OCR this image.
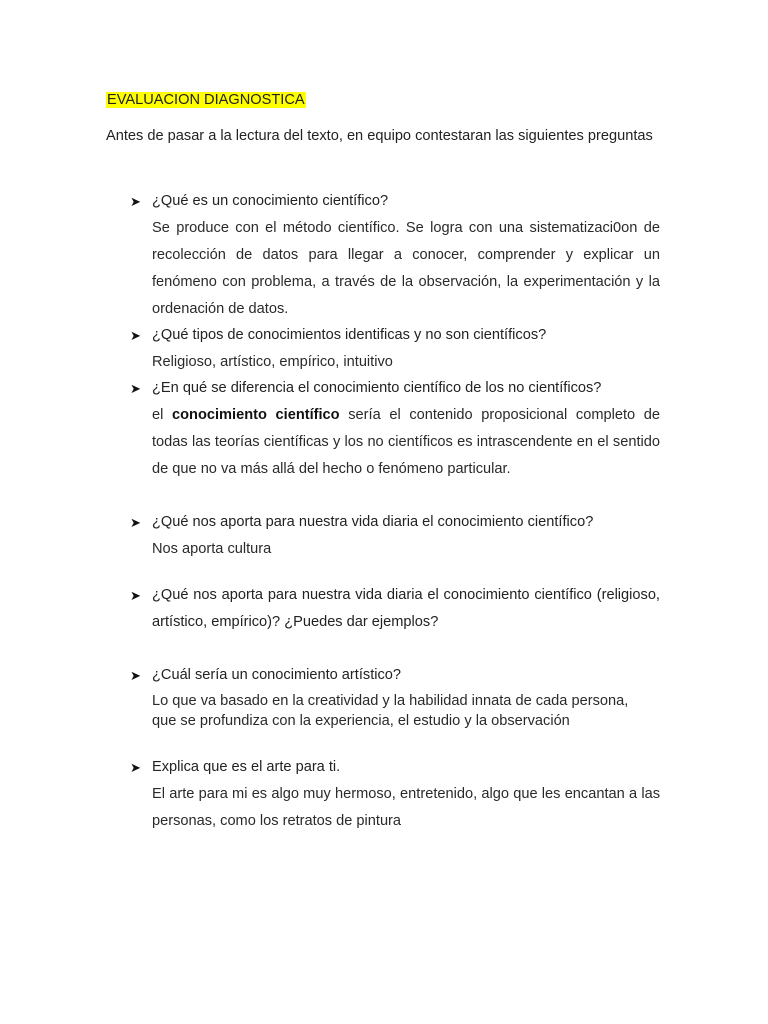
EVALUACION DIAGNOSTICA
Antes de pasar a la lectura del texto, en equipo contestaran las siguientes preguntas
➤ ¿Qué es un conocimiento científico?
Se produce con el método científico. Se logra con una sistematizaci0on de recolección de datos para llegar a conocer, comprender y explicar un fenómeno con problema, a través de la observación, la experimentación y la ordenación de datos.
➤ ¿Qué tipos de conocimientos identificas y no son científicos?
Religioso, artístico, empírico, intuitivo
➤ ¿En qué se diferencia el conocimiento científico de los no científicos?
el conocimiento científico sería el contenido proposicional completo de todas las teorías científicas y los no científicos es intrascendente en el sentido de que no va más allá del hecho o fenómeno particular.
➤ ¿Qué nos aporta para nuestra vida diaria el conocimiento científico?
Nos aporta cultura
➤ ¿Qué nos aporta para nuestra vida diaria el conocimiento científico (religioso, artístico, empírico)? ¿Puedes dar ejemplos?
➤ ¿Cuál sería un conocimiento artístico?
Lo que va basado en la creatividad y la habilidad innata de cada persona,
que se profundiza con la experiencia, el estudio y la observación
➤ Explica que es el arte para ti.
El arte para mi es algo muy hermoso, entretenido, algo que les encantan a las personas, como los retratos de pintura
